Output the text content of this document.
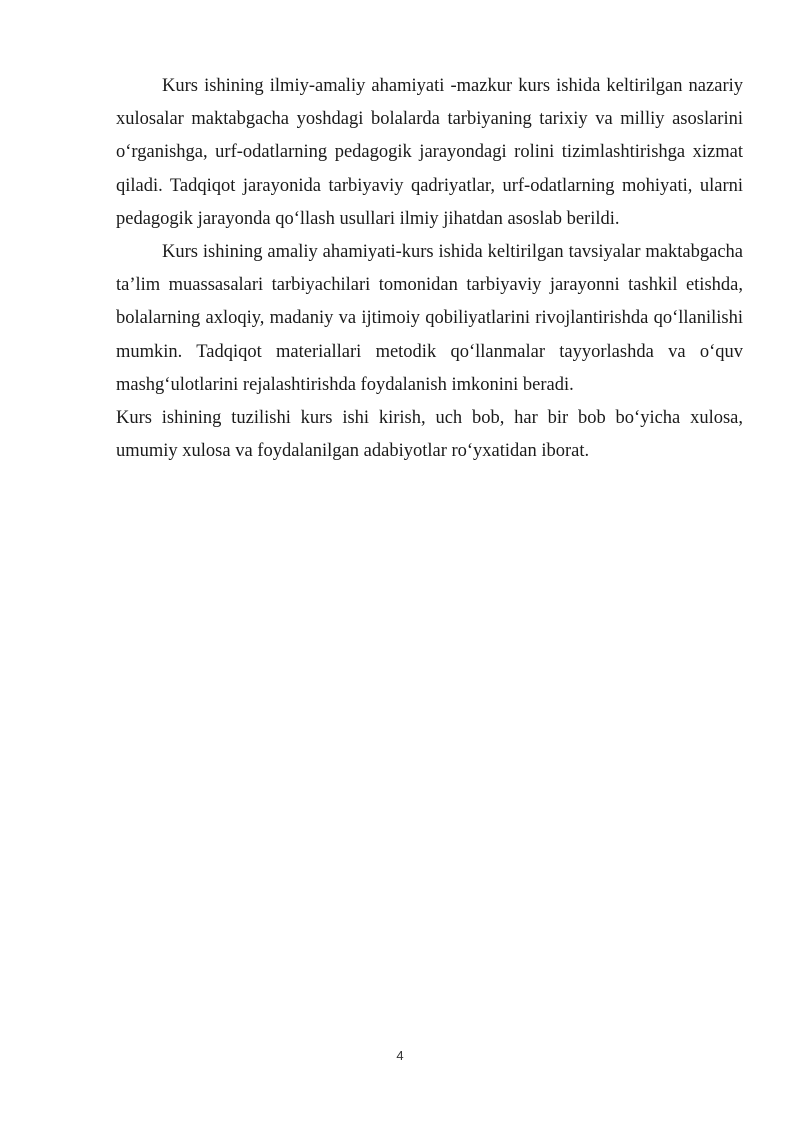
Kurs ishining ilmiy-amaliy ahamiyati -mazkur kurs ishida keltirilgan nazariy xulosalar maktabgacha yoshdagi bolalarda tarbiyaning tarixiy va milliy asoslarini o‘rganishga, urf-odatlarning pedagogik jarayondagi rolini tizimlashtirishga xizmat qiladi. Tadqiqot jarayonida tarbiyaviy qadriyatlar, urf-odatlarning mohiyati, ularni pedagogik jarayonda qo‘llash usullari ilmiy jihatdan asoslab berildi.

Kurs ishining amaliy ahamiyati-kurs ishida keltirilgan tavsiyalar maktabgacha ta’lim muassasalari tarbiyachilari tomonidan tarbiyaviy jarayonni tashkil etishda, bolalarning axloqiy, madaniy va ijtimoiy qobiliyatlarini rivojlantirishda qo‘llanilishi mumkin. Tadqiqot materiallari metodik qo‘llanmalar tayyorlashda va o‘quv mashg‘ulotlarini rejalashtirishda foydalanish imkonini beradi.

Kurs ishining tuzilishi kurs ishi kirish, uch bob, har bir bob bo‘yicha xulosa, umumiy xulosa va foydalanilgan adabiyotlar ro‘yxatidan iborat.

4
